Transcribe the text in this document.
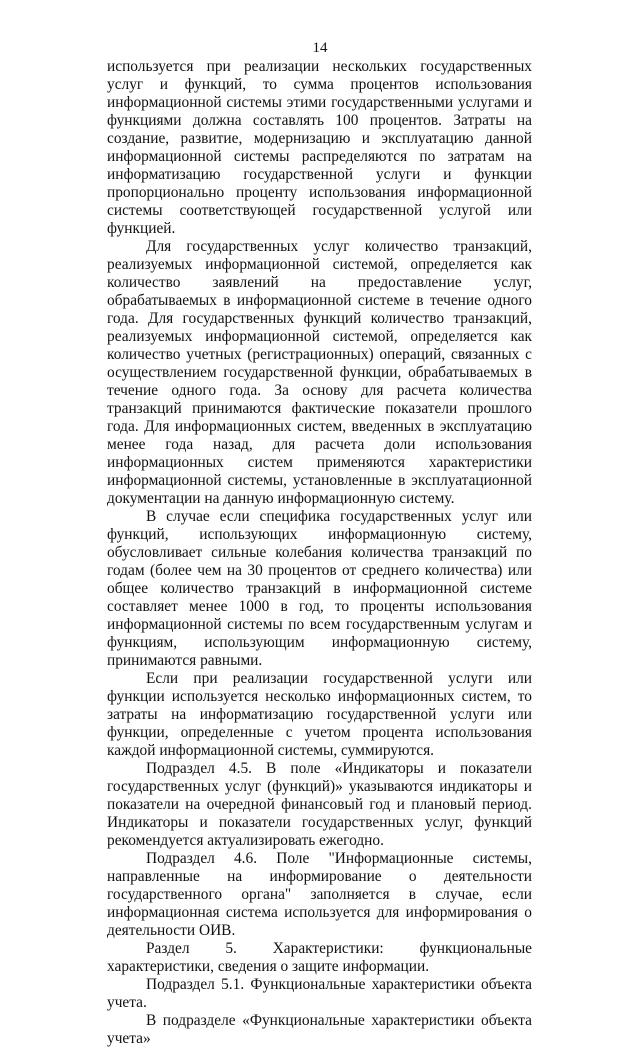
14

используется при реализации нескольких государственных услуг и функций, то сумма процентов использования информационной системы этими государственными услугами и функциями должна составлять 100 процентов. Затраты на создание, развитие, модернизацию и эксплуатацию данной информационной системы распределяются по затратам на информатизацию государственной услуги и функции пропорционально проценту использования информационной системы соответствующей государственной услугой или функцией.

Для государственных услуг количество транзакций, реализуемых информационной системой, определяется как количество заявлений на предоставление услуг, обрабатываемых в информационной системе в течение одного года. Для государственных функций количество транзакций, реализуемых информационной системой, определяется как количество учетных (регистрационных) операций, связанных с осуществлением государственной функции, обрабатываемых в течение одного года. За основу для расчета количества транзакций принимаются фактические показатели прошлого года. Для информационных систем, введенных в эксплуатацию менее года назад, для расчета доли использования информационных систем применяются характеристики информационной системы, установленные в эксплуатационной документации на данную информационную систему.

В случае если специфика государственных услуг или функций, использующих информационную систему, обусловливает сильные колебания количества транзакций по годам (более чем на 30 процентов от среднего количества) или общее количество транзакций в информационной системе составляет менее 1000 в год, то проценты использования информационной системы по всем государственным услугам и функциям, использующим информационную систему, принимаются равными.

Если при реализации государственной услуги или функции используется несколько информационных систем, то затраты на информатизацию государственной услуги или функции, определенные с учетом процента использования каждой информационной системы, суммируются.

Подраздел 4.5. В поле «Индикаторы и показатели государственных услуг (функций)» указываются индикаторы и показатели на очередной финансовый год и плановый период. Индикаторы и показатели государственных услуг, функций рекомендуется актуализировать ежегодно.

Подраздел 4.6. Поле "Информационные системы, направленные на информирование о деятельности государственного органа" заполняется в случае, если информационная система используется для информирования о деятельности ОИВ.

Раздел 5. Характеристики: функциональные характеристики, сведения о защите информации.

Подраздел 5.1. Функциональные характеристики объекта учета.

В подразделе «Функциональные характеристики объекта учета»
